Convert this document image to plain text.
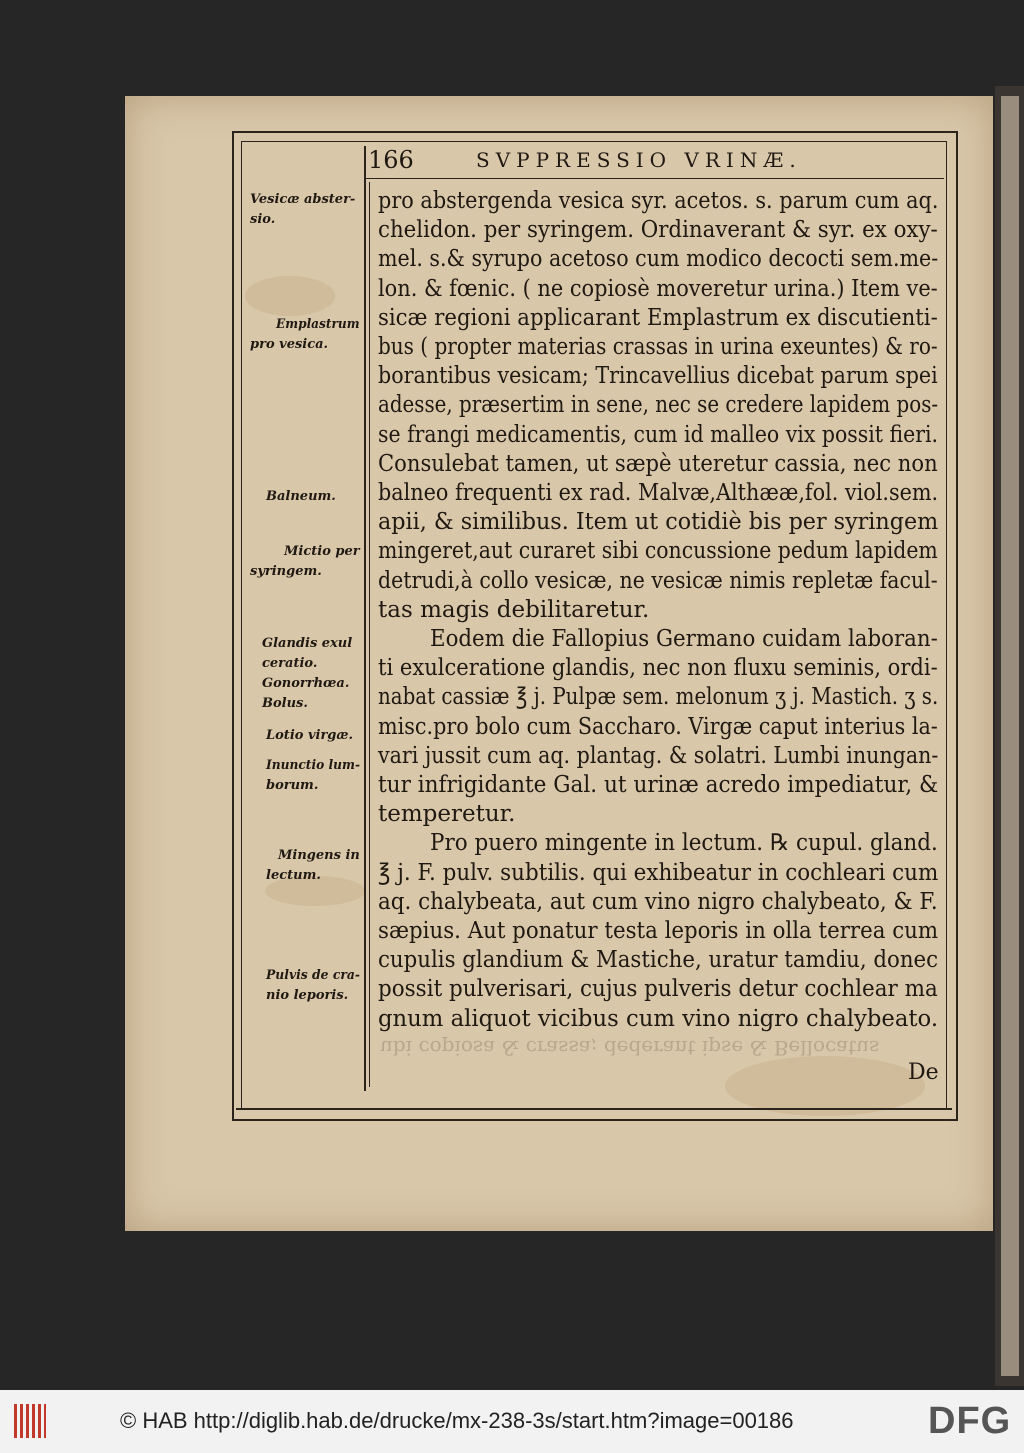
166	SVPPRESSIO VRINÆ.
Vesicæ abster-
sio.
Emplastrum
pro vesica.
Balneum.
Mictio per
syringem.
Glandis exul
ceratio.
Gonorrhœa.
Bolus.
Lotio virgæ.
Inunctio lum-
borum.
Mingens in
lectum.
Pulvis de cra-
nio leporis.
pro abstergenda vesica syr. acetos. s. parum cum aq.
chelidon. per syringem. Ordinaverant & syr. ex oxy-
mel. s.& syrupo acetoso cum modico decocti sem.me-
lon. & fœnic. ( ne copiosè moveretur urina.) Item ve-
sicæ regioni applicarant Emplastrum ex discutienti-
bus ( propter materias crassas in urina exeuntes) & ro-
borantibus vesicam; Trincavellius dicebat parum spei
adesse, præsertim in sene, nec se credere lapidem pos-
se frangi medicamentis, cum id malleo vix possit fieri.
Consulebat tamen, ut sæpè uteretur cassia, nec non
balneo frequenti ex rad. Malvæ,Althææ,fol. viol.sem.
apii, & similibus. Item ut cotidiè bis per syringem
mingeret,aut curaret sibi concussione pedum lapidem
detrudi,à collo vesicæ, ne vesicæ nimis repletæ facul-
tas magis debilitaretur.
Eodem die Fallopius Germano cuidam laboran-
ti exulceratione glandis, nec non fluxu seminis, ordi-
nabat cassiæ ℥ j. Pulpæ sem. melonum ʒ j. Mastich. ʒ s.
misc.pro bolo cum Saccharo. Virgæ caput interius la-
vari jussit cum aq. plantag. & solatri. Lumbi inungan-
tur infrigidante Gal. ut urinæ acredo impediatur, &
temperetur.
Pro puero mingente in lectum. ℞ cupul. gland.
℥ j. F. pulv. subtilis. qui exhibeatur in cochleari cum
aq. chalybeata, aut cum vino nigro chalybeato, & F.
sæpius. Aut ponatur testa leporis in olla terrea cum
cupulis glandium & Mastiche, uratur tamdiu, donec
possit pulverisari, cujus pulveris detur cochlear ma
gnum aliquot vicibus cum vino nigro chalybeato.
ubi copiosa & crassa; dederant ipse & Bellocatus
De
© HAB http://diglib.hab.de/drucke/mx-238-3s/start.htm?image=00186	DFG
